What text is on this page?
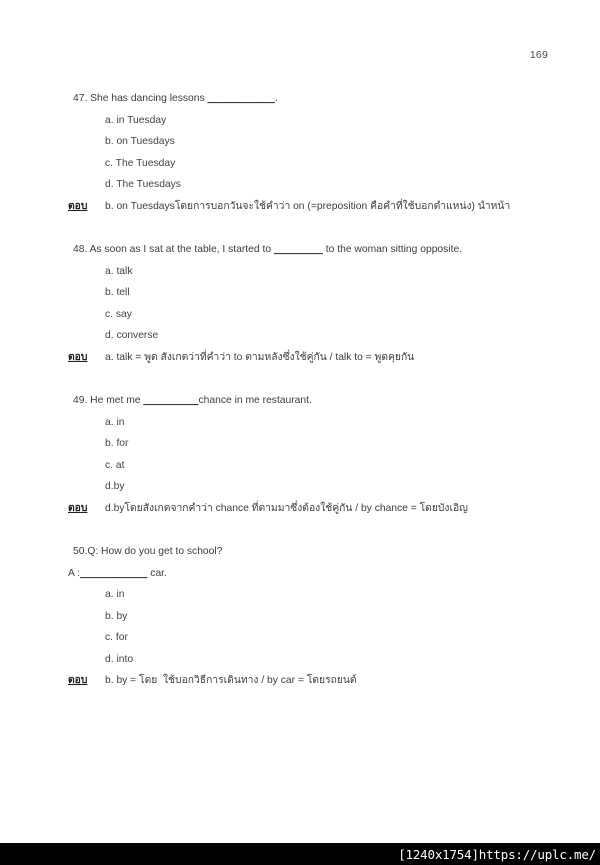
169
47. She has dancing lessons ___________.
a. in Tuesday
b. on Tuesdays
c. The Tuesday
d. The Tuesdays
ตอบ	b. on Tuesdaysโดยการบอกวันจะใช้คำว่า on (=preposition คือคำที่ใช้บอกตำแหน่ง) นำหน้า
48. As soon as I sat at the table, I started to ________ to the woman sitting opposite.
a. talk
b. tell
c. say
d. converse
ตอบ	a. talk = พูด สังเกตว่าที่คำว่า to ตามหลังซึ่งใช้คู่กัน / talk to = พูดคุยกัน
49. He met me _________chance in me restaurant.
a. in
b. for
c. at
d.by
ตอบ	d.byโดยสังเกตจากคำว่า chance ที่ตามมาซึ่งต้องใช้คู่กัน / by chance = โดยบังเอิญ
50.Q: How do you get to school?
A :___________ car.
a. in
b. by
c. for
d. into
ตอบ	b. by = โดย  ใช้บอกวิธีการเดินทาง / by car = โดยรถยนต์
[1240x1754]https://uplc.me/
